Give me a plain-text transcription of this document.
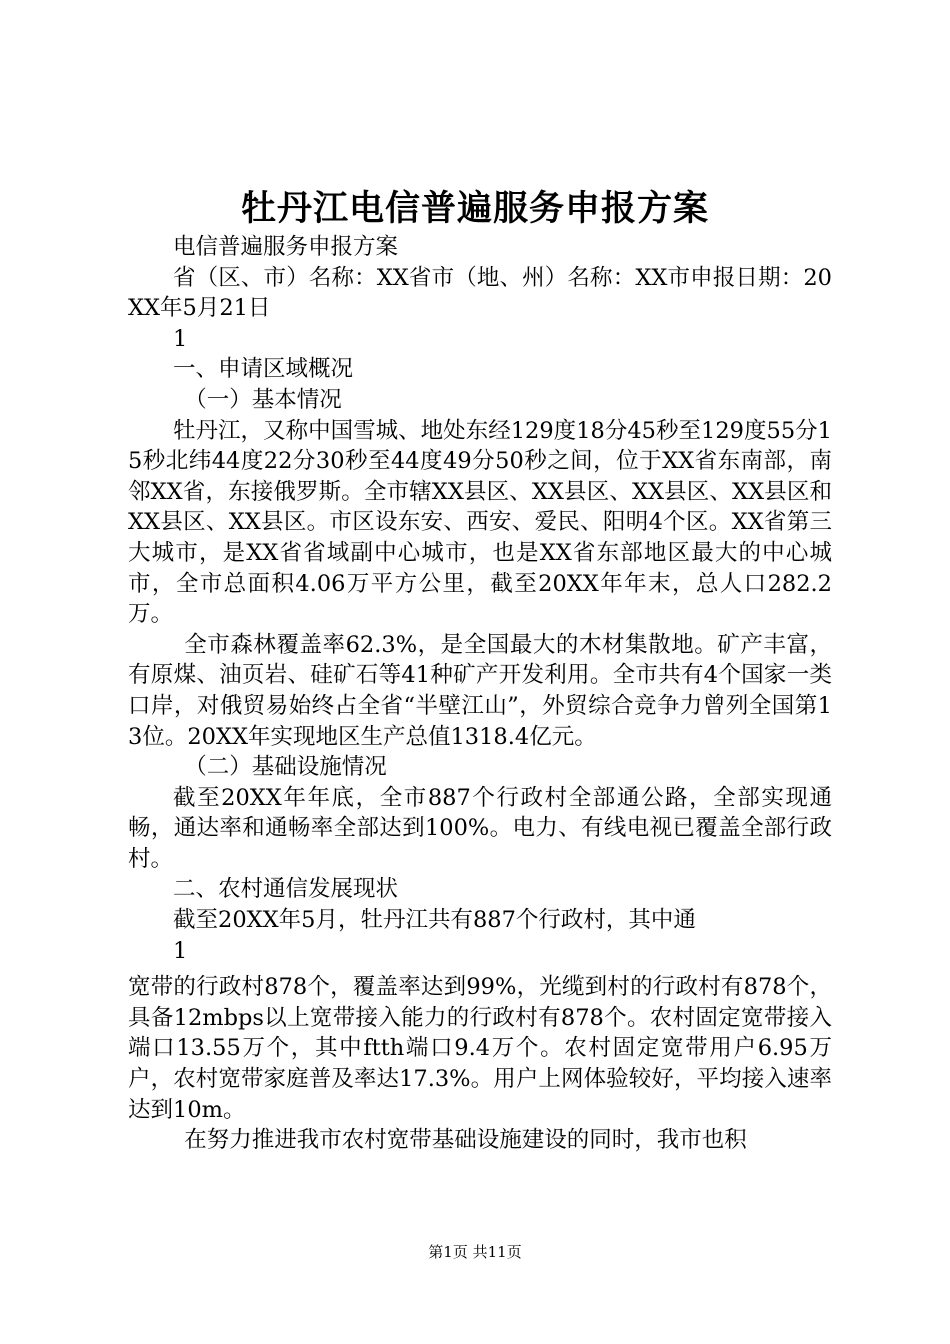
牡丹江电信普遍服务申报方案

电信普遍服务申报方案

省（区、市）名称：XX省市（地、州）名称：XX市申报日期：20XX年5月21日

1

一、申请区域概况

（一）基本情况

牡丹江，又称中国雪城、地处东经129度18分45秒至129度55分15秒北纬44度22分30秒至44度49分50秒之间，位于XX省东南部，南邻XX省，东接俄罗斯。全市辖XX县区、XX县区、XX县区、XX县区和XX县区、XX县区。市区设东安、西安、爱民、阳明4个区。XX省第三大城市，是XX省省域副中心城市，也是XX省东部地区最大的中心城市，全市总面积4.06万平方公里，截至20XX年年末，总人口282.2万。

全市森林覆盖率62.3%，是全国最大的木材集散地。矿产丰富，有原煤、油页岩、硅矿石等41种矿产开发利用。全市共有4个国家一类口岸，对俄贸易始终占全省“半壁江山”，外贸综合竞争力曾列全国第13位。20XX年实现地区生产总值1318.4亿元。

（二）基础设施情况

截至20XX年年底，全市887个行政村全部通公路，全部实现通畅，通达率和通畅率全部达到100%。电力、有线电视已覆盖全部行政村。

二、农村通信发展现状

截至20XX年5月，牡丹江共有887个行政村，其中通

1

宽带的行政村878个，覆盖率达到99%，光缆到村的行政村有878个，具备12mbps以上宽带接入能力的行政村有878个。农村固定宽带接入端口13.55万个，其中ftth端口9.4万个。农村固定宽带用户6.95万户，农村宽带家庭普及率达17.3%。用户上网体验较好，平均接入速率达到10m。

在努力推进我市农村宽带基础设施建设的同时，我市也积

第1页 共11页
